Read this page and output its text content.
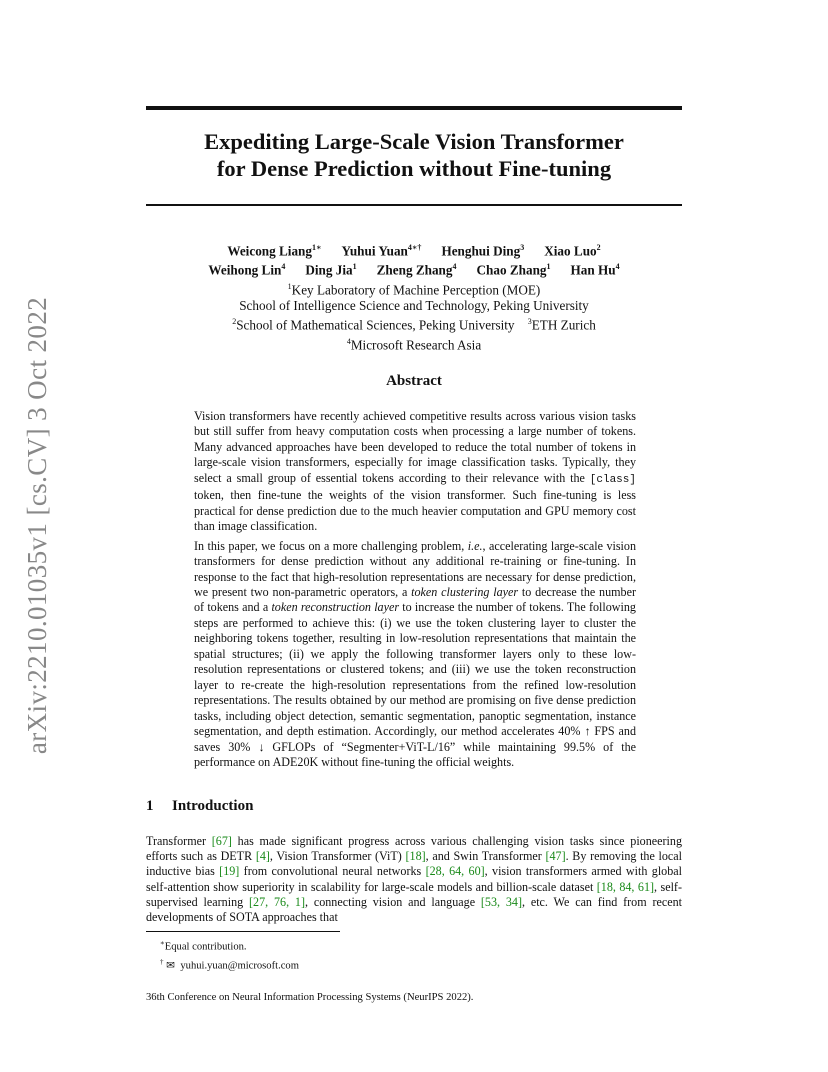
arXiv:2210.01035v1 [cs.CV] 3 Oct 2022
Expediting Large-Scale Vision Transformer
for Dense Prediction without Fine-tuning
Weicong Liang$^{1∗}$ Yuhui Yuan$^{4∗\dagger}$ Henghui Ding$^3$ Xiao Luo$^2$
Weihong Lin$^4$ Ding Jia$^1$ Zheng Zhang$^4$ Chao Zhang$^1$ Han Hu$^4$
$^1$Key Laboratory of Machine Perception (MOE)
School of Intelligence Science and Technology, Peking University
$^2$School of Mathematical Sciences, Peking University $^3$ETH Zurich
$^4$Microsoft Research Asia
Abstract

Vision transformers have recently achieved competitive results across various vision tasks but still suffer from heavy computation costs when processing a large number of tokens. Many advanced approaches have been developed to reduce the total number of tokens in large-scale vision transformers, especially for image classification tasks. Typically, they select a small group of essential tokens according to their relevance with the [class] token, then fine-tune the weights of the vision transformer. Such fine-tuning is less practical for dense prediction due to the much heavier computation and GPU memory cost than image classification.

In this paper, we focus on a more challenging problem, i.e., accelerating large-scale vision transformers for dense prediction without any additional re-training or fine-tuning. In response to the fact that high-resolution representations are necessary for dense prediction, we present two non-parametric operators, a token clustering layer to decrease the number of tokens and a token reconstruction layer to increase the number of tokens. The following steps are performed to achieve this: (i) we use the token clustering layer to cluster the neighboring tokens together, resulting in low-resolution representations that maintain the spatial structures; (ii) we apply the following transformer layers only to these low-resolution representations or clustered tokens; and (iii) we use the token reconstruction layer to re-create the high-resolution representations from the refined low-resolution representations. The results obtained by our method are promising on five dense prediction tasks, including object detection, semantic segmentation, panoptic segmentation, instance segmentation, and depth estimation. Accordingly, our method accelerates 40% ↑ FPS and saves 30% ↓ GFLOPs of “Segmenter+ViT-L/16” while maintaining 99.5% of the performance on ADE20K without fine-tuning the official weights.

1 Introduction

Transformer [67] has made significant progress across various challenging vision tasks since pioneering efforts such as DETR [4], Vision Transformer (ViT) [18], and Swin Transformer [47]. By removing the local inductive bias [19] from convolutional neural networks [28, 64, 60], vision transformers armed with global self-attention show superiority in scalability for large-scale models and billion-scale dataset [18, 84, 61], self-supervised learning [27, 76, 1], connecting vision and language [53, 34], etc. We can find from recent developments of SOTA approaches that

∗Equal contribution.
† ✉ yuhui.yuan@microsoft.com
36th Conference on Neural Information Processing Systems (NeurIPS 2022).
